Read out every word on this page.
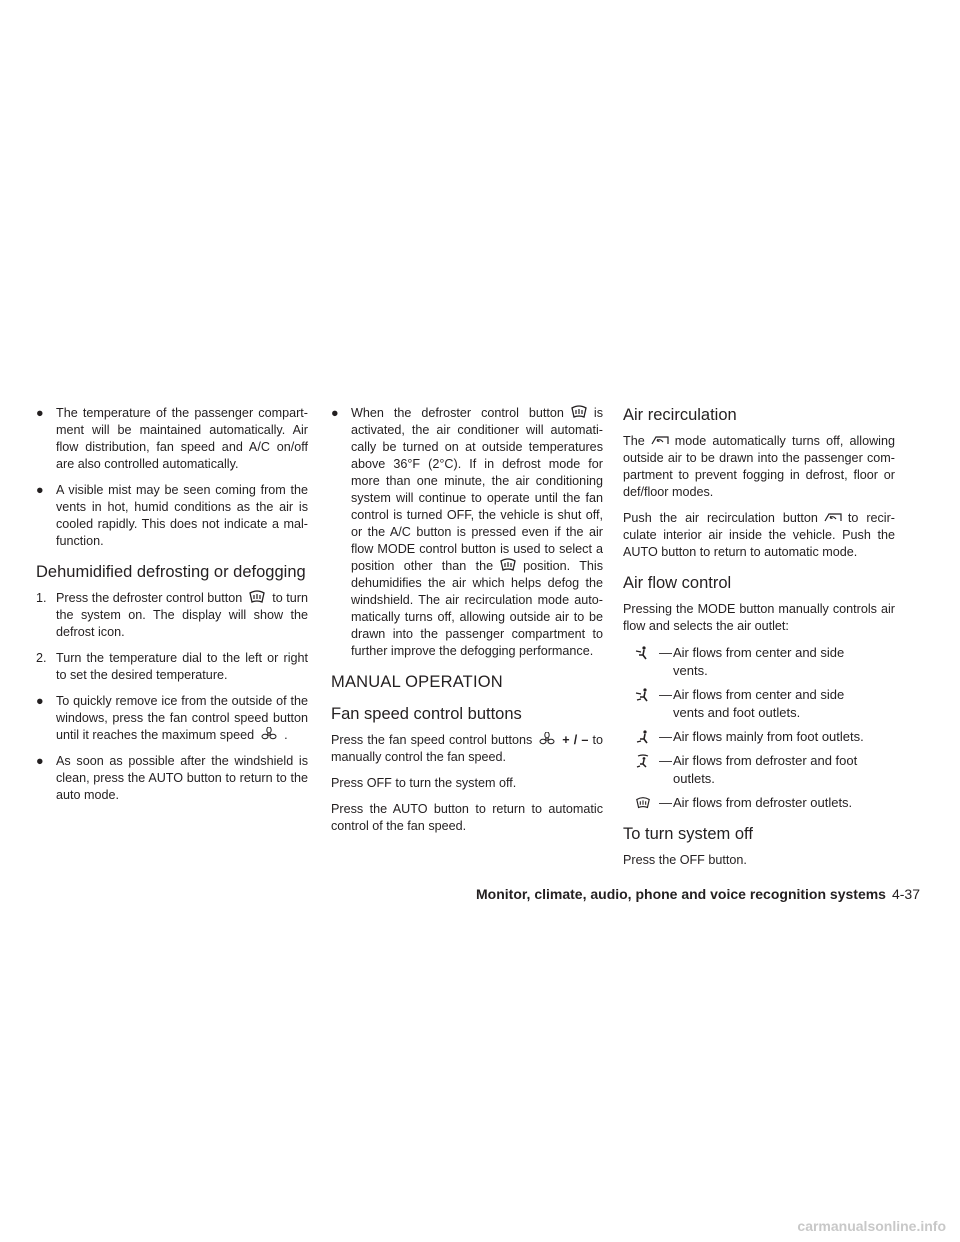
● The temperature of the passenger compart-ment will be maintained automatically. Air flow distribution, fan speed and A/C on/off are also controlled automatically.
● A visible mist may be seen coming from the vents in hot, humid conditions as the air is cooled rapidly. This does not indicate a mal-function.
Dehumidified defrosting or defogging
1. Press the defroster control button to turn the system on. The display will show the defrost icon.
2. Turn the temperature dial to the left or right to set the desired temperature.
● To quickly remove ice from the outside of the windows, press the fan control speed button until it reaches the maximum speed .
● As soon as possible after the windshield is clean, press the AUTO button to return to the auto mode.
● When the defroster control button is activated, the air conditioner will automati-cally be turned on at outside temperatures above 36°F (2°C). If in defrost mode for more than one minute, the air conditioning system will continue to operate until the fan control is turned OFF, the vehicle is shut off, or the A/C button is pressed even if the air flow MODE control button is used to select a position other than the position. This dehumidifies the air which helps defog the windshield. The air recirculation mode auto-matically turns off, allowing outside air to be drawn into the passenger compartment to further improve the defogging performance.
MANUAL OPERATION
Fan speed control buttons

Press the fan speed control buttons + / – to manually control the fan speed.

Press OFF to turn the system off.

Press the AUTO button to return to automatic control of the fan speed.

Air recirculation

The mode automatically turns off, allowing outside air to be drawn into the passenger com-partment to prevent fogging in defrost, floor or def/floor modes.

Push the air recirculation button to recir-culate interior air inside the vehicle. Push the AUTO button to return to automatic mode.

Air flow control

Pressing the MODE button manually controls air flow and selects the air outlet:

—Air flows from center and side
vents.
—Air flows from center and side
vents and foot outlets.
—Air flows mainly from foot outlets.
—Air flows from defroster and foot
outlets.
—Air flows from defroster outlets.
To turn system off

Press the OFF button.

Monitor, climate, audio, phone and voice recognition systems 4-37
carmanualsonline.info
